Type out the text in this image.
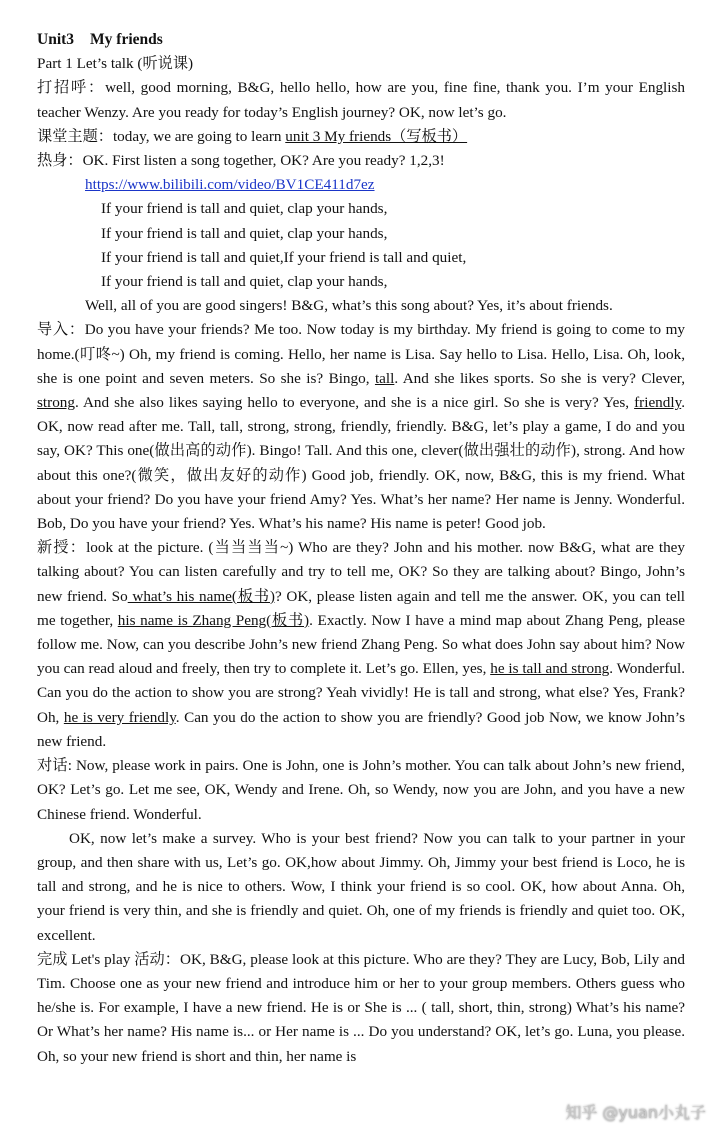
Unit3 My friends

Part 1 Let’s talk (听说课)

打招呼：well, good morning, B&G, hello hello, how are you, fine fine, thank you. I’m your English teacher Wenzy. Are you ready for today’s English journey? OK, now let’s go.

课堂主题：today, we are going to learn unit 3 My friends（写板书）

热身：OK. First listen a song together, OK? Are you ready? 1,2,3!

https://www.bilibili.com/video/BV1CE411d7ez

If your friend is tall and quiet, clap your hands,

If your friend is tall and quiet, clap your hands,

If your friend is tall and quiet,If your friend is tall and quiet,

If your friend is tall and quiet, clap your hands,

Well, all of you are good singers! B&G, what’s this song about? Yes, it’s about friends.

导入：Do you have your friends? Me too. Now today is my birthday. My friend is going to come to my home.(叮咚~) Oh, my friend is coming. Hello, her name is Lisa. Say hello to Lisa. Hello, Lisa. Oh, look, she is one point and seven meters. So she is? Bingo, tall. And she likes sports. So she is very? Clever, strong. And she also likes saying hello to everyone, and she is a nice girl. So she is very? Yes, friendly. OK, now read after me. Tall, tall, strong, strong, friendly, friendly. B&G, let’s play a game, I do and you say, OK? This one(做出高的动作). Bingo! Tall. And this one, clever(做出强壮的动作), strong. And how about this one?(微笑，做出友好的动作) Good job, friendly. OK, now, B&G, this is my friend. What about your friend? Do you have your friend Amy? Yes. What’s her name? Her name is Jenny. Wonderful. Bob, Do you have your friend? Yes. What’s his name? His name is peter! Good job.

新授：look at the picture. (当当当当~) Who are they? John and his mother. now B&G, what are they talking about? You can listen carefully and try to tell me, OK? So they are talking about? Bingo, John’s new friend. So what’s his name(板书)? OK, please listen again and tell me the answer. OK, you can tell me together, his name is Zhang Peng(板书). Exactly. Now I have a mind map about Zhang Peng, please follow me. Now, can you describe John’s new friend Zhang Peng. So what does John say about him? Now you can read aloud and freely, then try to complete it. Let’s go. Ellen, yes, he is tall and strong. Wonderful. Can you do the action to show you are strong? Yeah vividly! He is tall and strong, what else? Yes, Frank? Oh, he is very friendly. Can you do the action to show you are friendly? Good job Now, we know John’s new friend.

对话: Now, please work in pairs. One is John, one is John’s mother. You can talk about John’s new friend, OK? Let’s go. Let me see, OK, Wendy and Irene. Oh, so Wendy, now you are John, and you have a new Chinese friend. Wonderful.

OK, now let’s make a survey. Who is your best friend? Now you can talk to your partner in your group, and then share with us, Let’s go. OK,how about Jimmy. Oh, Jimmy your best friend is Loco, he is tall and strong, and he is nice to others. Wow, I think your friend is so cool. OK, how about Anna. Oh, your friend is very thin, and she is friendly and quiet. Oh, one of my friends is friendly and quiet too. OK, excellent.

完成 Let's play 活动：OK, B&G, please look at this picture. Who are they? They are Lucy, Bob, Lily and Tim. Choose one as your new friend and introduce him or her to your group members. Others guess who he/she is. For example, I have a new friend. He is or She is ... ( tall, short, thin, strong) What’s his name? Or What’s her name? His name is... or Her name is ... Do you understand? OK, let’s go. Luna, you please. Oh, so your new friend is short and thin, her name is

知乎 @yuan小丸子
